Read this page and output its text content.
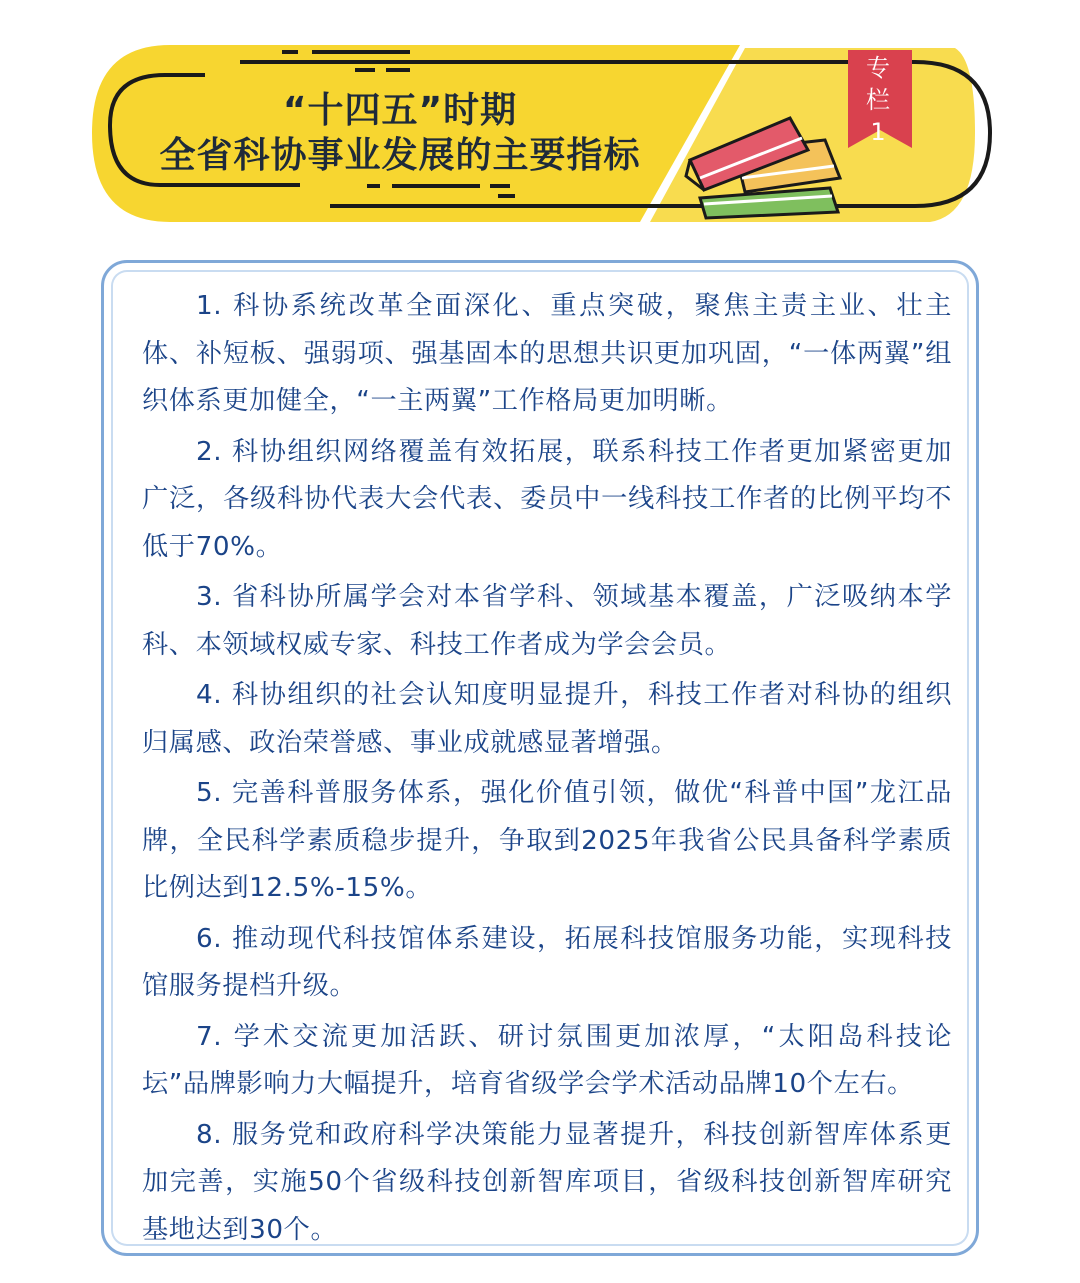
“十四五”时期
全省科协事业发展的主要指标
专
栏
1

1. 科协系统改革全面深化、重点突破，聚焦主责主业、壮主体、补短板、强弱项、强基固本的思想共识更加巩固，“一体两翼”组织体系更加健全，“一主两翼”工作格局更加明晰。

2. 科协组织网络覆盖有效拓展，联系科技工作者更加紧密更加广泛，各级科协代表大会代表、委员中一线科技工作者的比例平均不低于70%。

3. 省科协所属学会对本省学科、领域基本覆盖，广泛吸纳本学科、本领域权威专家、科技工作者成为学会会员。

4. 科协组织的社会认知度明显提升，科技工作者对科协的组织归属感、政治荣誉感、事业成就感显著增强。

5. 完善科普服务体系，强化价值引领，做优“科普中国”龙江品牌，全民科学素质稳步提升，争取到2025年我省公民具备科学素质比例达到12.5%-15%。

6. 推动现代科技馆体系建设，拓展科技馆服务功能，实现科技馆服务提档升级。

7. 学术交流更加活跃、研讨氛围更加浓厚，“太阳岛科技论坛”品牌影响力大幅提升，培育省级学会学术活动品牌10个左右。

8. 服务党和政府科学决策能力显著提升，科技创新智库体系更加完善，实施50个省级科技创新智库项目，省级科技创新智库研究基地达到30个。
